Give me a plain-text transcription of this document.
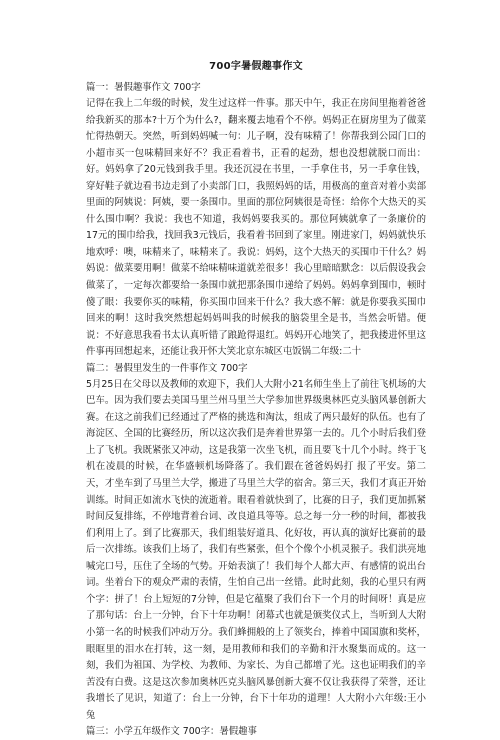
700字暑假趣事作文

篇一：暑假趣事作文 700字

记得在我上二年级的时候，发生过这样一件事。那天中午，我正在房间里拖着爸爸给我新买的那本?十万个为什么?，翻来覆去地看个不停。妈妈正在厨房里为了做菜忙得热朝天。突然，听到妈妈喊一句：儿子啊，没有味精了！你帮我到公园门口的小超市买一包味精回来好不？我正看着书，正看的起劲，想也没想就脱口而出：好。妈妈拿了20元钱到我手里。我还沉浸在书里，一手拿住书，另一手拿住钱，穿好鞋子就边看书边走到了小卖部门口，我照妈妈的话，用极高的童音对着小卖部里面的阿姨说：阿姨，要一条围巾。里面的那位阿姨很是奇怪：给你个大热天的买什么围巾啊？我说：我也不知道，我妈妈要我买的。那位阿姨就拿了一条廉价的17元的围巾给我，找回我3元钱后，我看着书回到了家里。刚进家门，妈妈就快乐地欢呼：噢，味精来了，味精来了。我说：妈妈，这个大热天的买围巾干什么？妈妈说：做菜要用啊！做菜不给味精味道就差很多！我心里暗暗默念：以后假设我会做菜了，一定每次都要给一条围巾就把那条围巾递给了妈妈。妈妈拿到围巾，顿时傻了眼：我要你买的味精，你买围巾回来干什么？我大惑不解：就是你要我买围巾回来的啊！这时我突然想起妈妈叫我的时候我的脑袋里全是书，当然会听错。便说：不好意思我看书太认真听错了踉跄得退红。妈妈开心地笑了，把我搂进怀里这件事再回想起来，还能让我开怀大笑北京东城区屯饭锅二年级:二十

篇二：暑假里发生的一件事作文 700字

5月25日在父母以及教师的欢迎下，我们人大附小21名师生坐上了前往飞机场的大巴车。因为我们要去美国马里兰州马里兰大学参加世界级奥林匹克头脑风暴创新大赛。在这之前我们已经通过了严格的挑选和淘汰，组成了两只最好的队伍。也有了海淀区、全国的比赛经历，所以这次我们是奔着世界第一去的。几个小时后我们登上了飞机。我既紧张又冲动，这是我第一次坐飞机，而且要飞十几个小时。终于飞机在凌晨的时候，在华盛顿机场降落了。我们跟在爸爸妈妈打 报了平安。第二天，才坐车到了马里兰大学，搬进了马里兰大学的宿舍。第三天，我们才真正开始训练。时间正如流水飞快的流逝着。眼看着就快到了，比赛的日子，我们更加抓紧时间反复排练，不停地背着台词、改良道具等等。总之每一分一秒的时间，都被我们利用上了。到了比赛那天，我们组装好道具、化好妆，再认真的演好比赛前的最后一次排练。该我们上场了，我们有些紧张，但个个像个小机灵猴子。我们洪亮地喊完口号，压住了全场的气势。开始表演了！我们每个人都大声、有感情的说出台词。坐着台下的观众严肃的表情，生怕自己出一丝错。此时此刻，我的心里只有两个字：拼了！台上短短的7分钟，但是它蕴聚了我们台下一个月的时间呀！真是应了那句话：台上一分钟，台下十年功啊！闭幕式也就是颁奖仪式上，当听到人大附小第一名的时候我们冲动万分。我们蜂拥般的上了领奖台，捧着中国国旗和奖杯，眼眶里的泪水在打转，这一刻，是用教师和我们的辛勤和汗水聚集而成的。这一刻，我们为祖国、为学校、为教师、为家长、为自己都增了光。这也证明我们的辛苦没有白费。这是这次参加奥林匹克头脑风暴创新大赛不仅让我获得了荣誉，还让我增长了见识，知道了：台上一分钟，台下十年功的道理！人大附小六年级:王小兔

篇三：小学五年级作文 700字：暑假趣事
